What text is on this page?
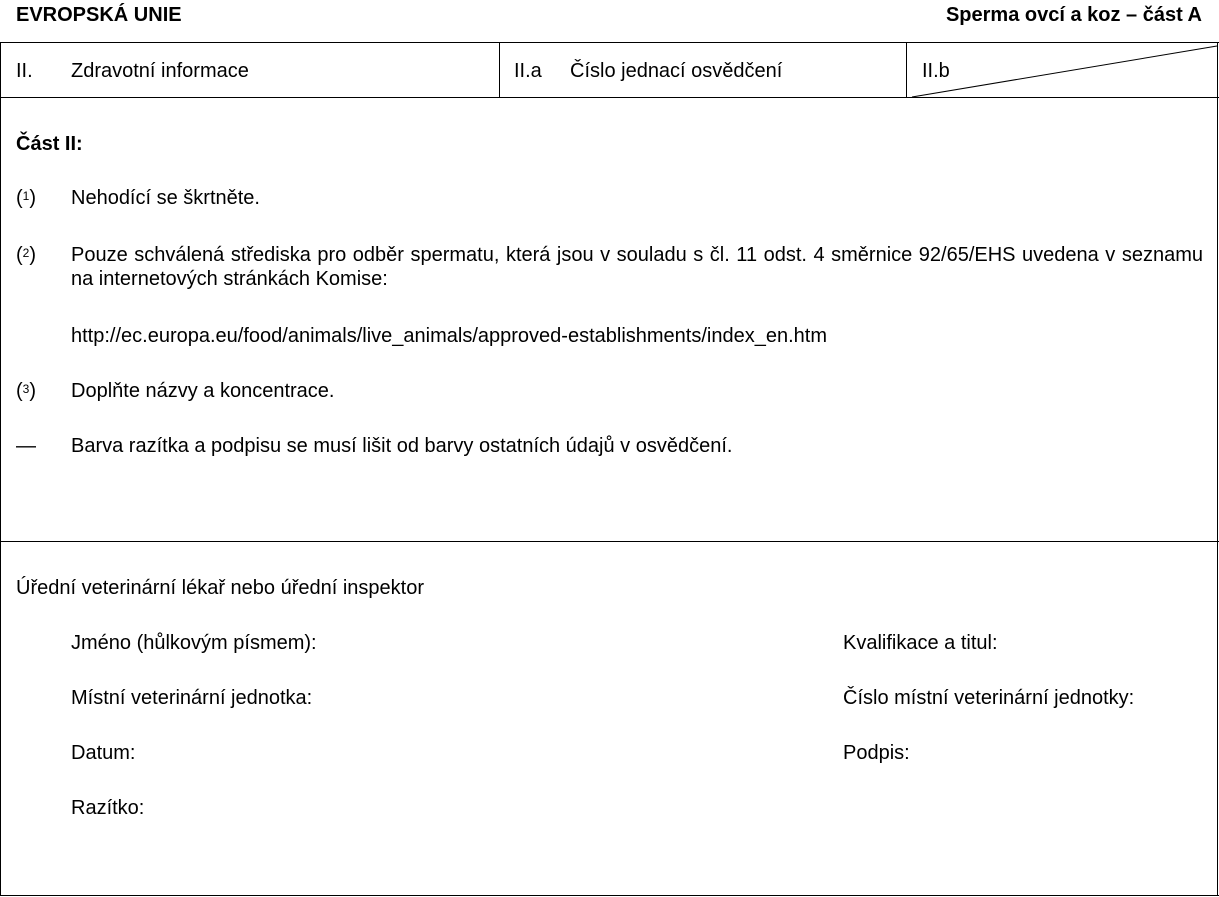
EVROPSKÁ UNIE	Sperma ovcí a koz – část A
II. Zdravotní informace	II.a Číslo jednací osvědčení	II.b
Část II:
($^1$) Nehodící se škrtněte.
($^2$) Pouze schválená střediska pro odběr spermatu, která jsou v souladu s čl. 11 odst. 4 směrnice 92/65/EHS uvedena v seznamu na internetových stránkách Komise:
http://ec.europa.eu/food/animals/live_animals/approved-establishments/index_en.htm
($^3$) Doplňte názvy a koncentrace.
— Barva razítka a podpisu se musí lišit od barvy ostatních údajů v osvědčení.
Úřední veterinární lékař nebo úřední inspektor
Jméno (hůlkovým písmem):	Kvalifikace a titul:
Místní veterinární jednotka:	Číslo místní veterinární jednotky:
Datum:	Podpis:
Razítko:
